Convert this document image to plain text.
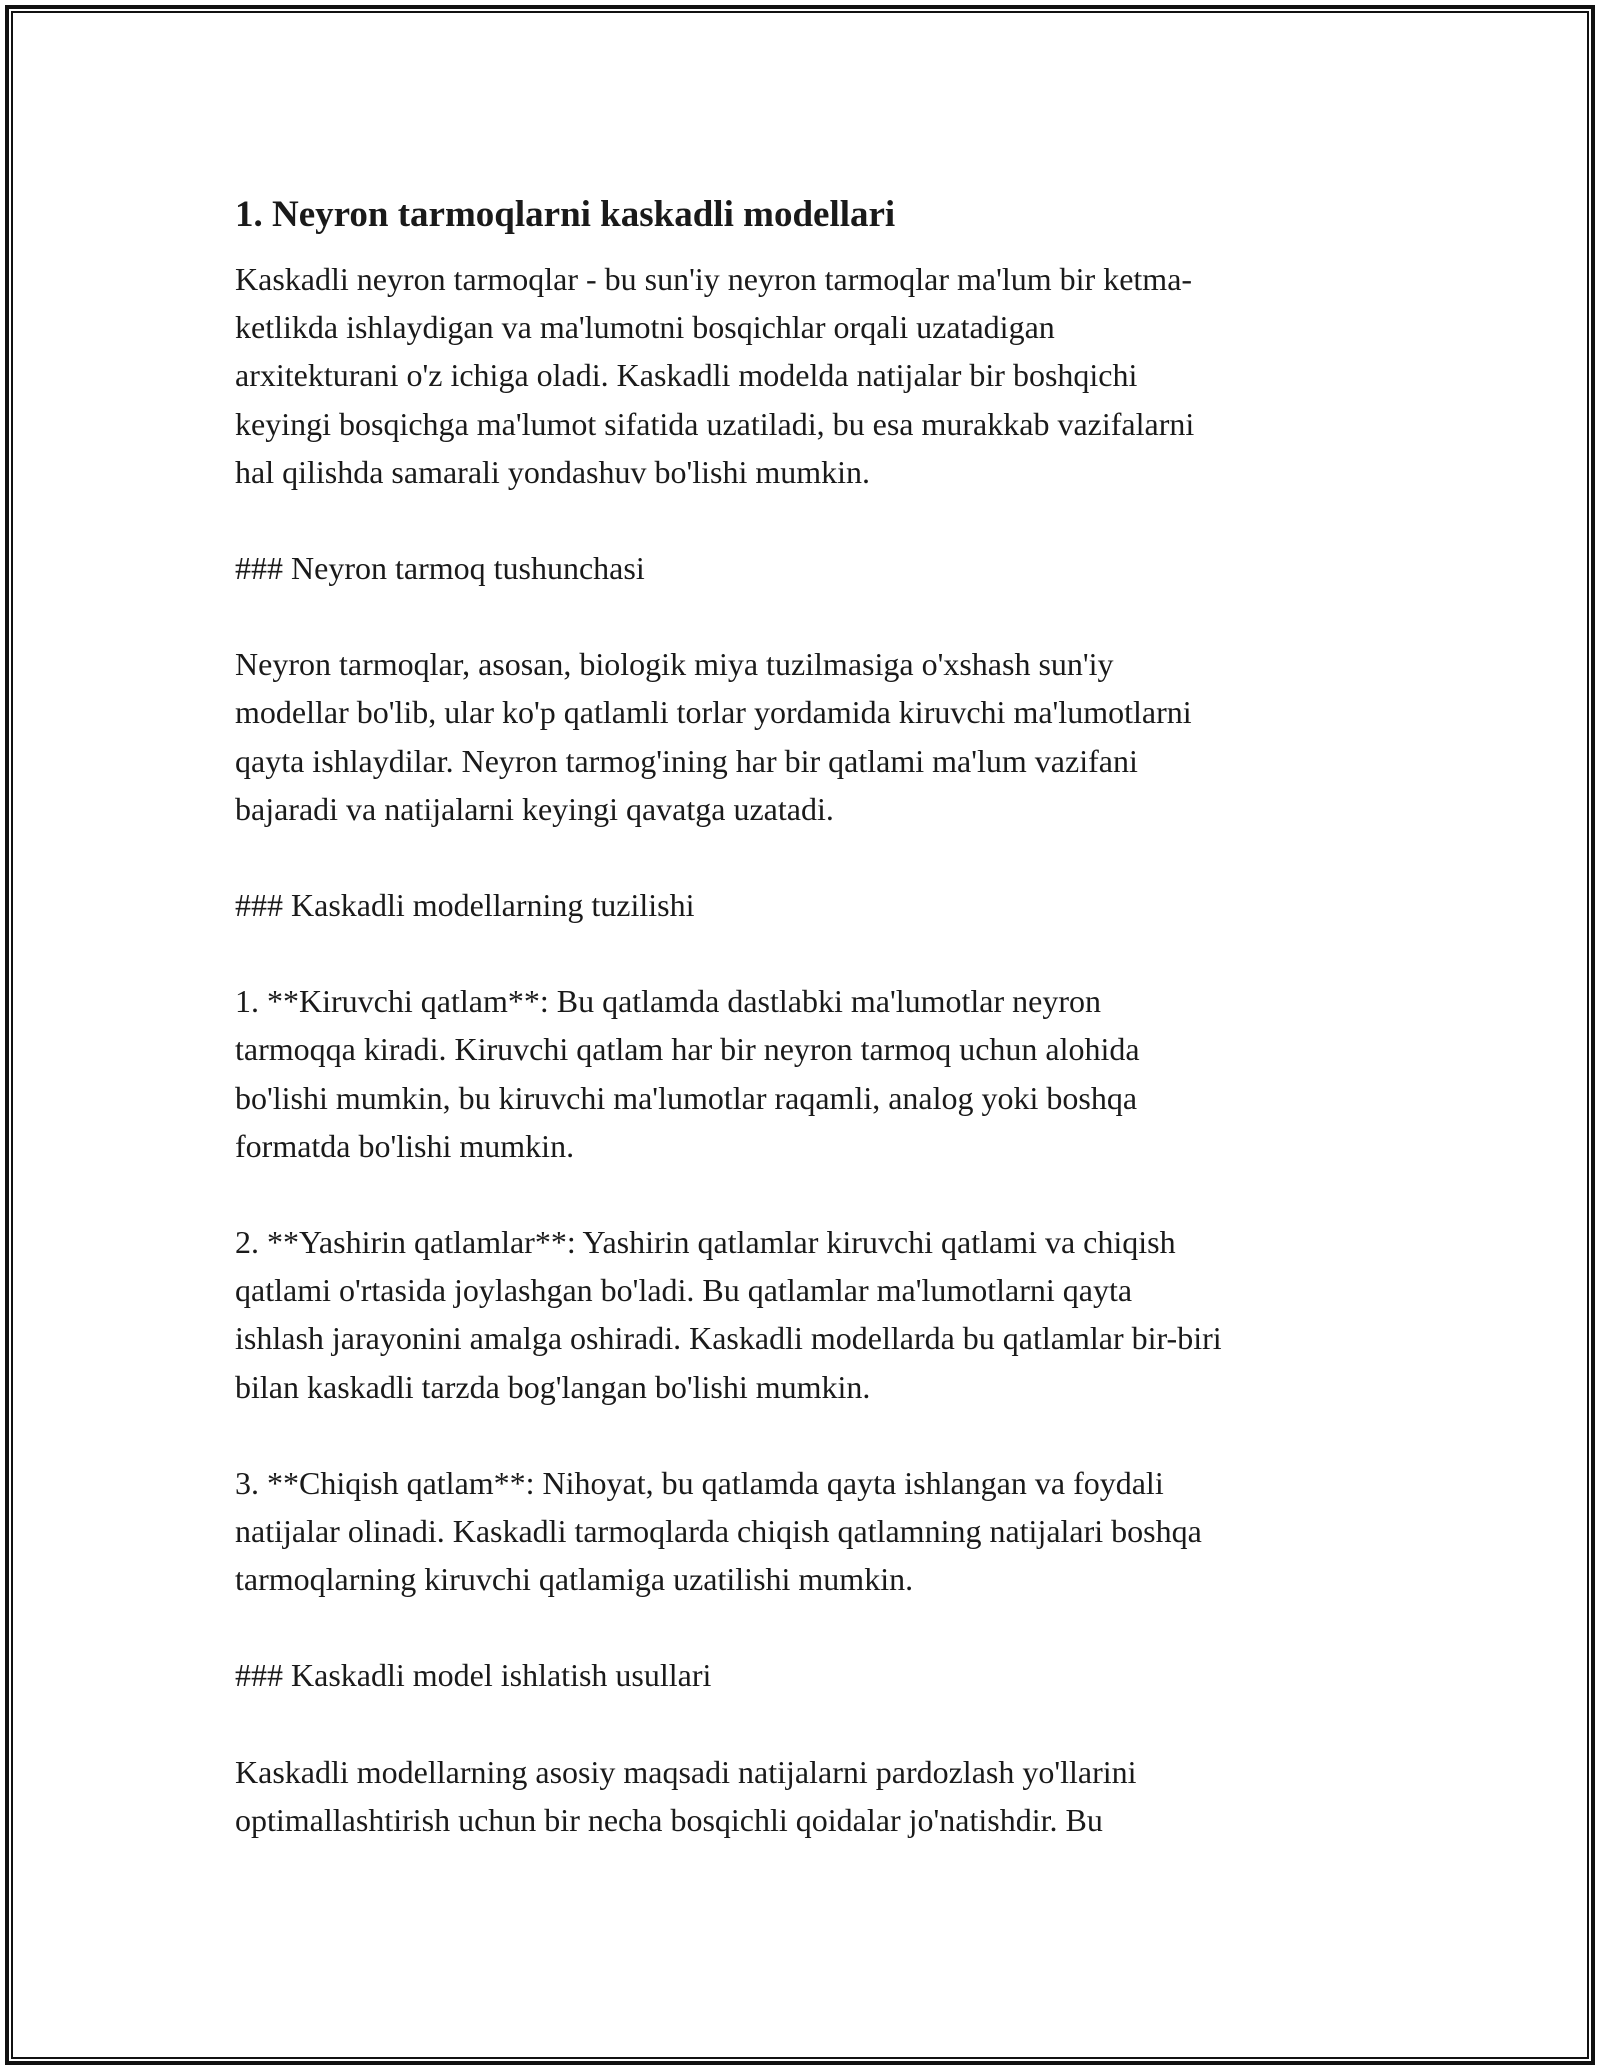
1. Neyron tarmoqlarni kaskadli modellari

Kaskadli neyron tarmoqlar - bu sun'iy neyron tarmoqlar ma'lum bir ketma-
ketlikda ishlaydigan va ma'lumotni bosqichlar orqali uzatadigan
arxitekturani o'z ichiga oladi. Kaskadli modelda natijalar bir boshqichi
keyingi bosqichga ma'lumot sifatida uzatiladi, bu esa murakkab vazifalarni
hal qilishda samarali yondashuv bo'lishi mumkin.

### Neyron tarmoq tushunchasi

Neyron tarmoqlar, asosan, biologik miya tuzilmasiga o'xshash sun'iy
modellar bo'lib, ular ko'p qatlamli torlar yordamida kiruvchi ma'lumotlarni
qayta ishlaydilar. Neyron tarmog'ining har bir qatlami ma'lum vazifani
bajaradi va natijalarni keyingi qavatga uzatadi.

### Kaskadli modellarning tuzilishi

1. **Kiruvchi qatlam**: Bu qatlamda dastlabki ma'lumotlar neyron
tarmoqqa kiradi. Kiruvchi qatlam har bir neyron tarmoq uchun alohida
bo'lishi mumkin, bu kiruvchi ma'lumotlar raqamli, analog yoki boshqa
formatda bo'lishi mumkin.

2. **Yashirin qatlamlar**: Yashirin qatlamlar kiruvchi qatlami va chiqish
qatlami o'rtasida joylashgan bo'ladi. Bu qatlamlar ma'lumotlarni qayta
ishlash jarayonini amalga oshiradi. Kaskadli modellarda bu qatlamlar bir-biri
bilan kaskadli tarzda bog'langan bo'lishi mumkin.

3. **Chiqish qatlam**: Nihoyat, bu qatlamda qayta ishlangan va foydali
natijalar olinadi. Kaskadli tarmoqlarda chiqish qatlamning natijalari boshqa
tarmoqlarning kiruvchi qatlamiga uzatilishi mumkin.

### Kaskadli model ishlatish usullari

Kaskadli modellarning asosiy maqsadi natijalarni pardozlash yo'llarini
optimallashtirish uchun bir necha bosqichli qoidalar jo'natishdir. Bu
